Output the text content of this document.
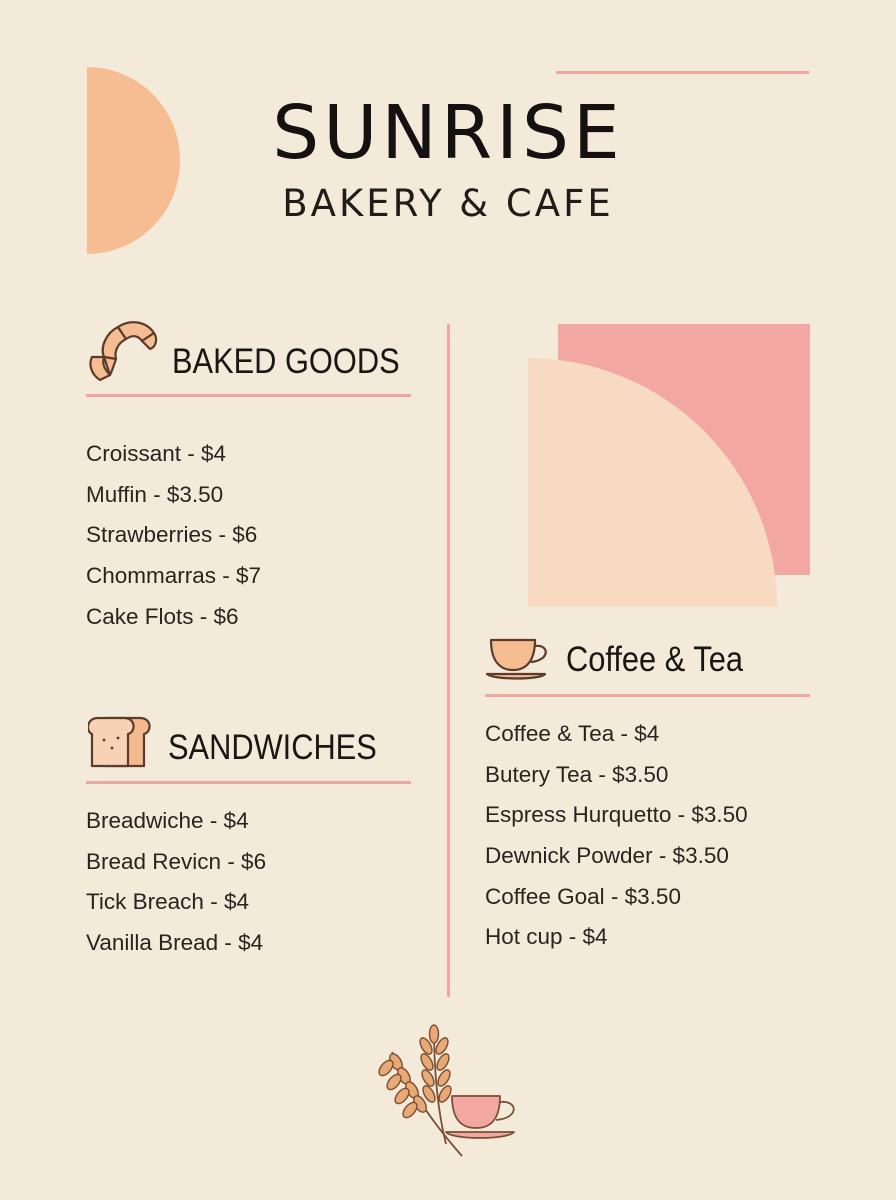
SUNRISE
BAKERY & CAFE
BAKED GOODS
Croissant - $4
Muffin - $3.50
Strawberries - $6
Chommarras - $7
Cake Flots - $6
SANDWICHES
Breadwiche - $4
Bread Revicn - $6
Tick Breach - $4
Vanilla Bread - $4
Coffee & Tea
Coffee & Tea - $4
Butery Tea - $3.50
Espress Hurquetto - $3.50
Dewnick Powder - $3.50
Coffee Goal - $3.50
Hot cup - $4
